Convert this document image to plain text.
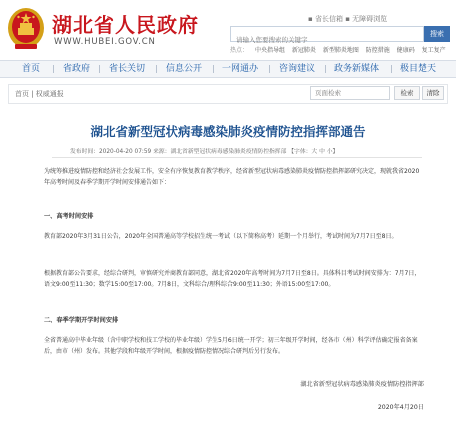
湖北省人民政府
WWW.HUBEI.GOV.CN
▪ 省长信箱 ▪ 无障碍浏览
请输入您要搜索的关键字
搜索
热点： 中央指导组 新冠肺炎 新型肺炎地图 防控措施 健康码 复工复产
首页	省政府 省长关切 信息公开 一网通办 咨询建议 政务新媒体 极目楚天
首页 | 权威通报
页面检索	检索	清除
湖北省新型冠状病毒感染肺炎疫情防控指挥部通告
发布时间：2020-04-20 07:59 来源：湖北省新型冠状病毒感染肺炎疫情防控指挥部 【字体：大 中 小】
为统筹推进疫情防控和经济社会发展工作，安全有序恢复教育教学秩序，经省新型冠状病毒感染肺炎疫情防控指挥部研究决定，现就我省2020年高考时间及春季学期开学时间安排通告如下：
一、高考时间安排
教育部2020年3月31日公告，2020年全国普通高等学校招生统一考试（以下简称高考）延期一个月举行，考试时间为7月7日至8日。
根据教育部公告要求，经综合研判，审慎研究并商教育部同意，湖北省2020年高考时间为7月7日至8日。具体科目考试时间安排为：7月7日，语文9:00至11:30；数学15:00至17:00。7月8日，文科综合/理科综合9:00至11:30；外语15:00至17:00。
二、春季学期开学时间安排
全省普通高中毕业年级（含中职学校和技工学校的毕业年级）学生5月6日统一开学；初三年级开学时间，经各市（州）科学评估确定报省备案后，由市（州）发布。其他学段和年级开学时间，根据疫情防控情况综合研判后另行发布。
湖北省新型冠状病毒感染肺炎疫情防控指挥部
2020年4月20日
